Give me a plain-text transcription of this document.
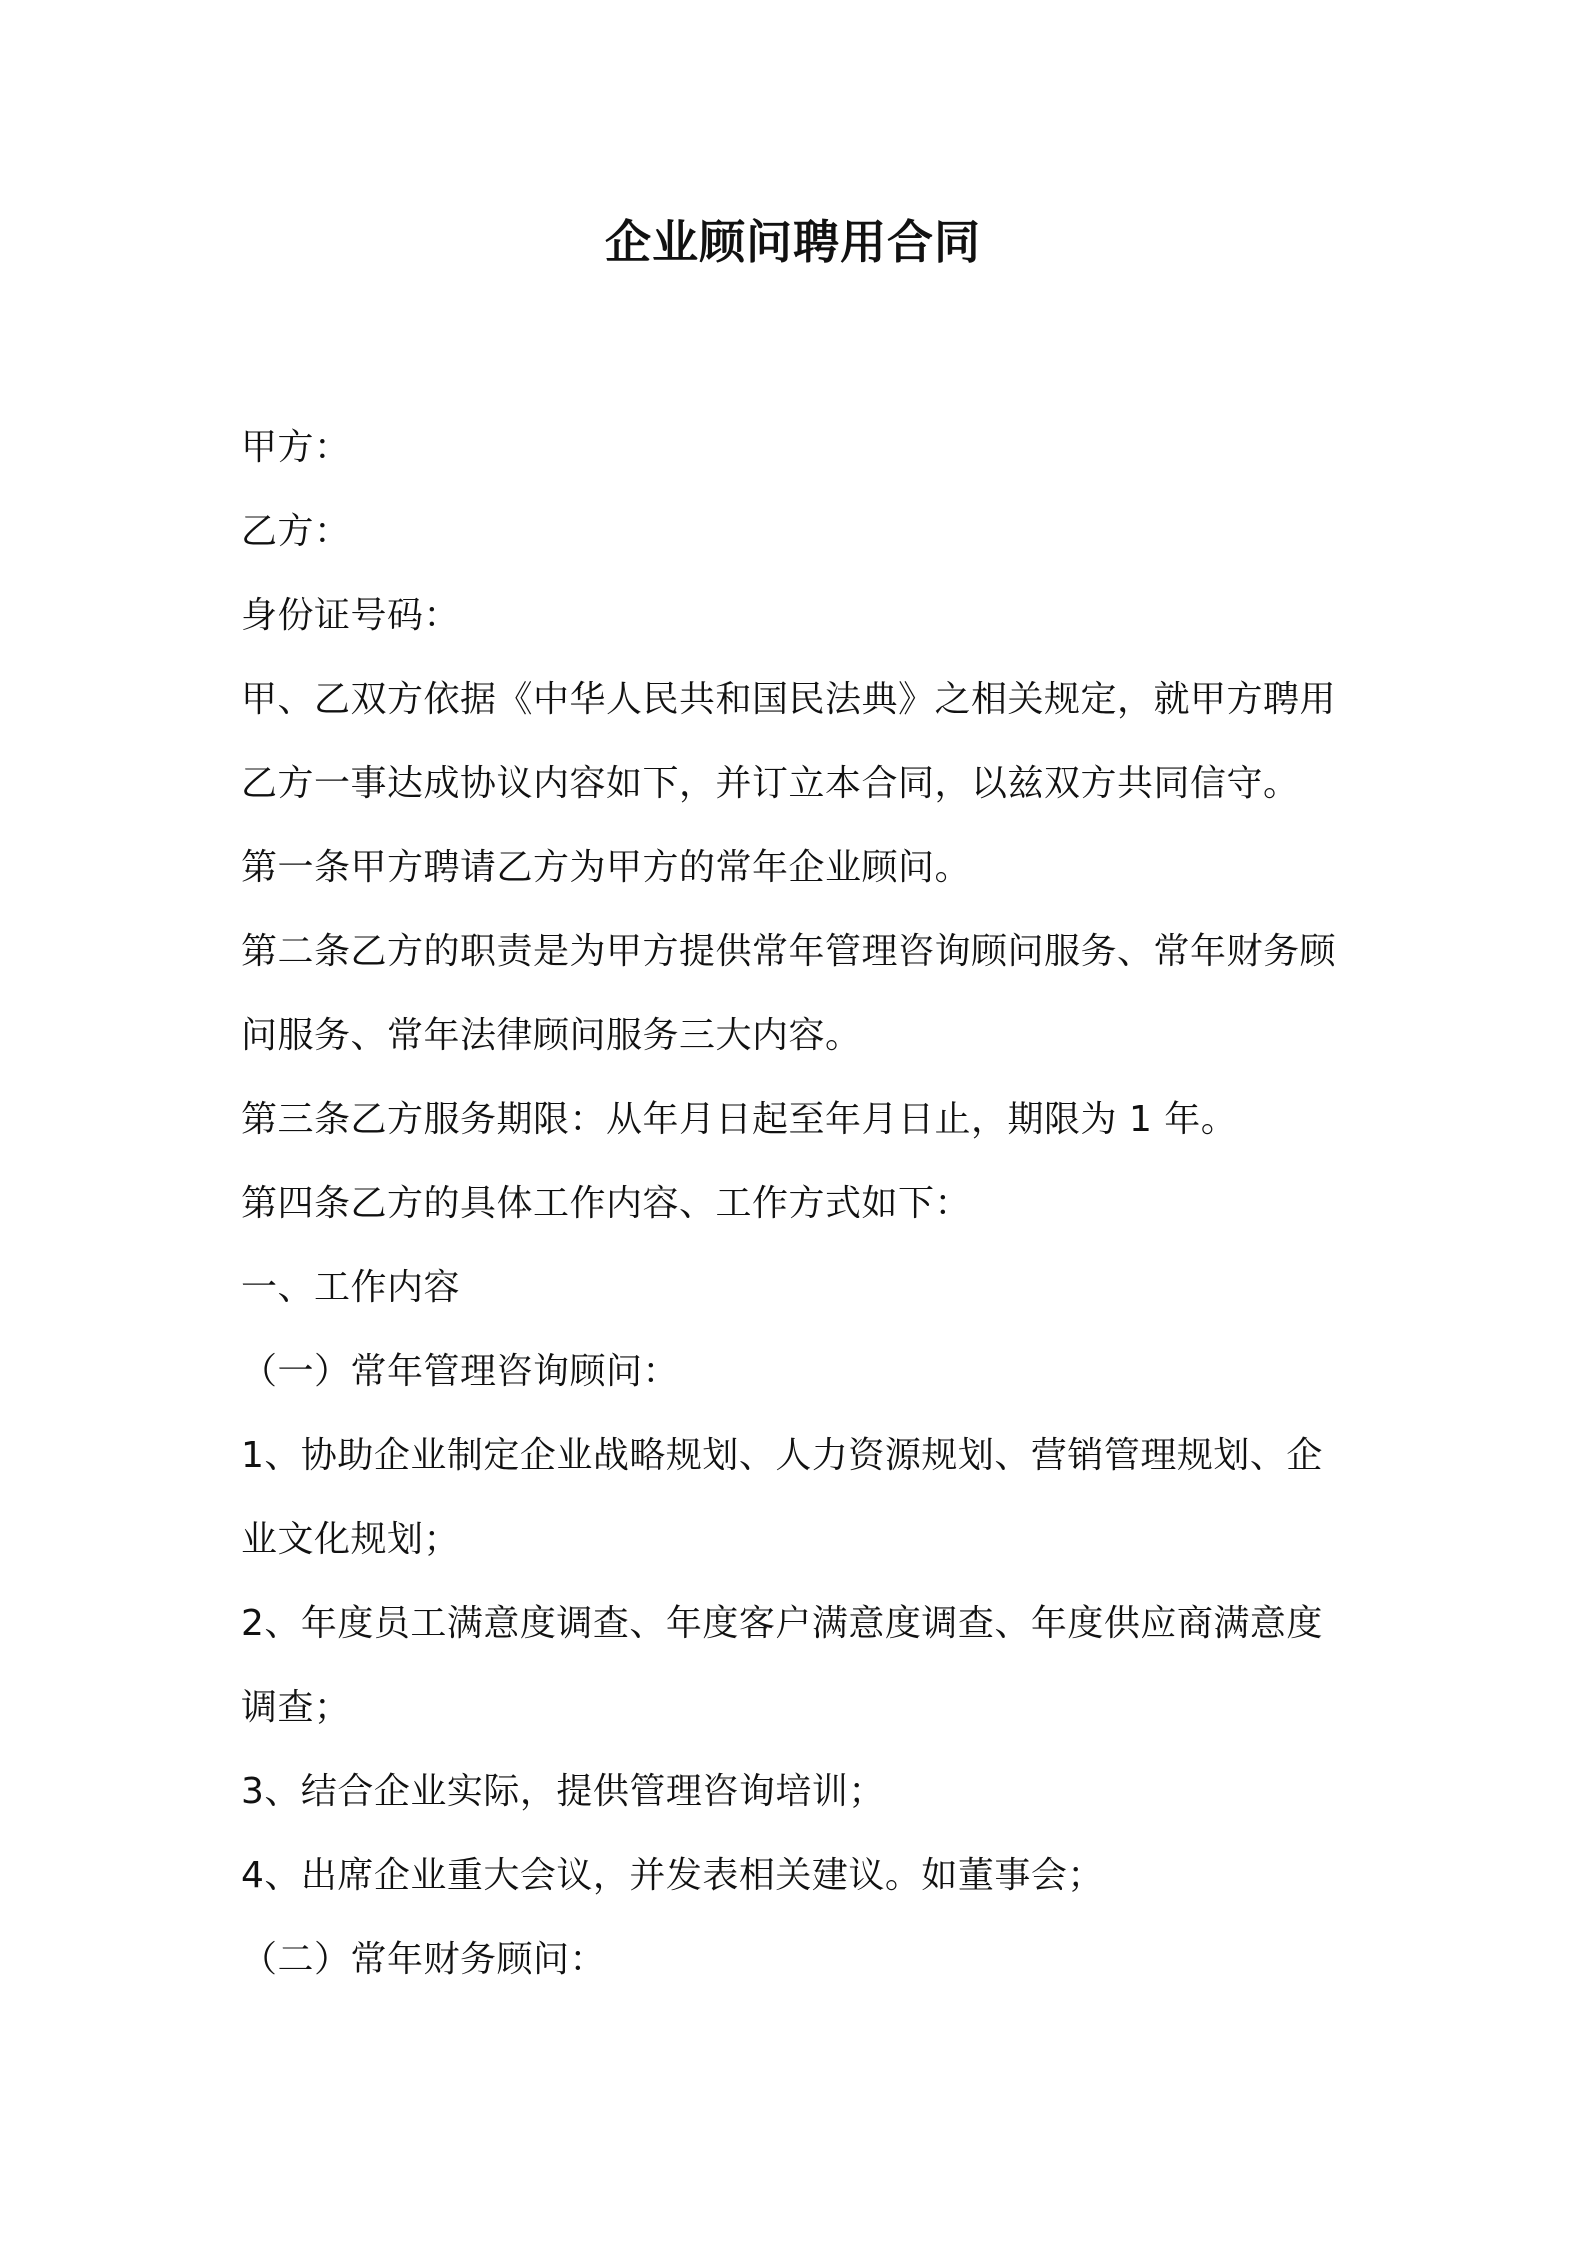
企业顾问聘用合同
甲方：
乙方：
身份证号码：
甲、乙双方依据《中华人民共和国民法典》之相关规定，就甲方聘用
乙方一事达成协议内容如下，并订立本合同，以兹双方共同信守。
第一条甲方聘请乙方为甲方的常年企业顾问。
第二条乙方的职责是为甲方提供常年管理咨询顾问服务、常年财务顾
问服务、常年法律顾问服务三大内容。
第三条乙方服务期限：从年月日起至年月日止，期限为 1 年。
第四条乙方的具体工作内容、工作方式如下：
一、工作内容
（一）常年管理咨询顾问：
1、协助企业制定企业战略规划、人力资源规划、营销管理规划、企
业文化规划；
2、年度员工满意度调查、年度客户满意度调查、年度供应商满意度
调查；
3、结合企业实际，提供管理咨询培训；
4、出席企业重大会议，并发表相关建议。如董事会；
（二）常年财务顾问：
